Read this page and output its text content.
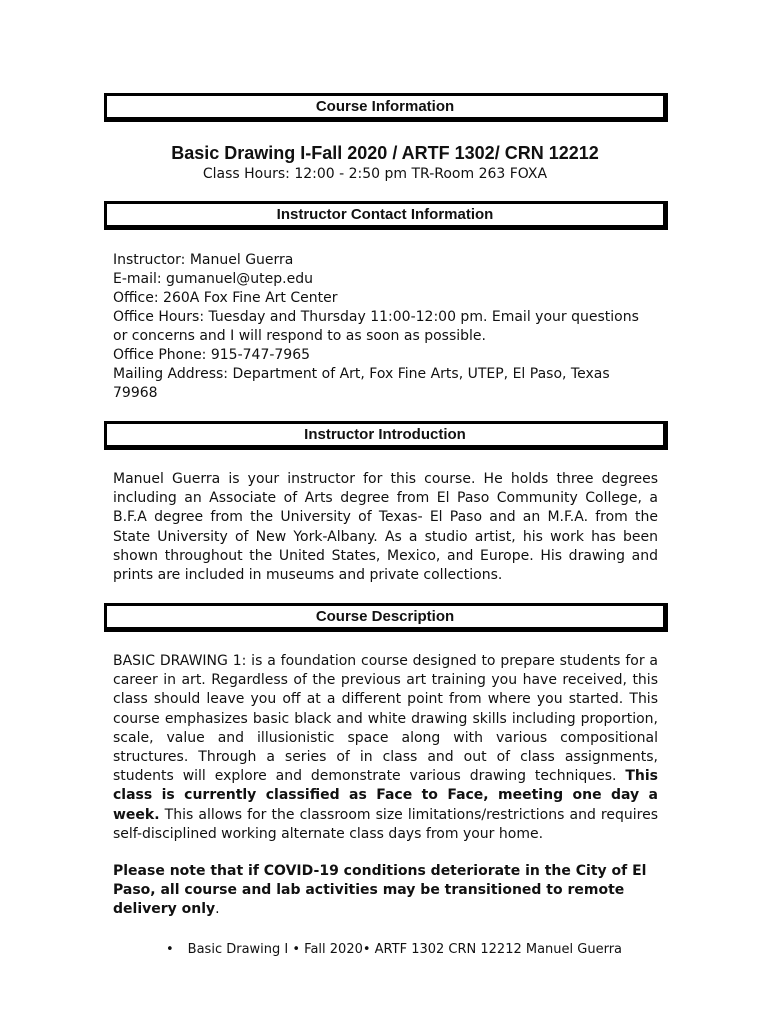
Course Information
Basic Drawing I-Fall 2020 / ARTF 1302/ CRN 12212

Class Hours: 12:00 - 2:50 pm TR-Room 263 FOXA

Instructor Contact Information
Instructor: Manuel Guerra
E-mail: gumanuel@utep.edu
Office: 260A Fox Fine Art Center
Office Hours: Tuesday and Thursday 11:00-12:00 pm. Email your questions
or concerns and I will respond to as soon as possible.
Office Phone: 915-747-7965
Mailing Address: Department of Art, Fox Fine Arts, UTEP, El Paso, Texas
79968
Instructor Introduction

Manuel Guerra is your instructor for this course. He holds three degrees including an Associate of Arts degree from El Paso Community College, a B.F.A degree from the University of Texas- El Paso and an M.F.A. from the State University of New York-Albany. As a studio artist, his work has been shown throughout the United States, Mexico, and Europe. His drawing and prints are included in museums and private collections.

Course Description

BASIC DRAWING 1: is a foundation course designed to prepare students for a career in art. Regardless of the previous art training you have received, this class should leave you off at a different point from where you started. This course emphasizes basic black and white drawing skills including proportion, scale, value and illusionistic space along with various compositional structures. Through a series of in class and out of class assignments, students will explore and demonstrate various drawing techniques. This class is currently classified as Face to Face, meeting one day a week. This allows for the classroom size limitations/restrictions and requires self-disciplined working alternate class days from your home.

Please note that if COVID-19 conditions deteriorate in the City of El Paso, all course and lab activities may be transitioned to remote delivery only.

• Basic Drawing I • Fall 2020• ARTF 1302 CRN 12212 Manuel Guerra
